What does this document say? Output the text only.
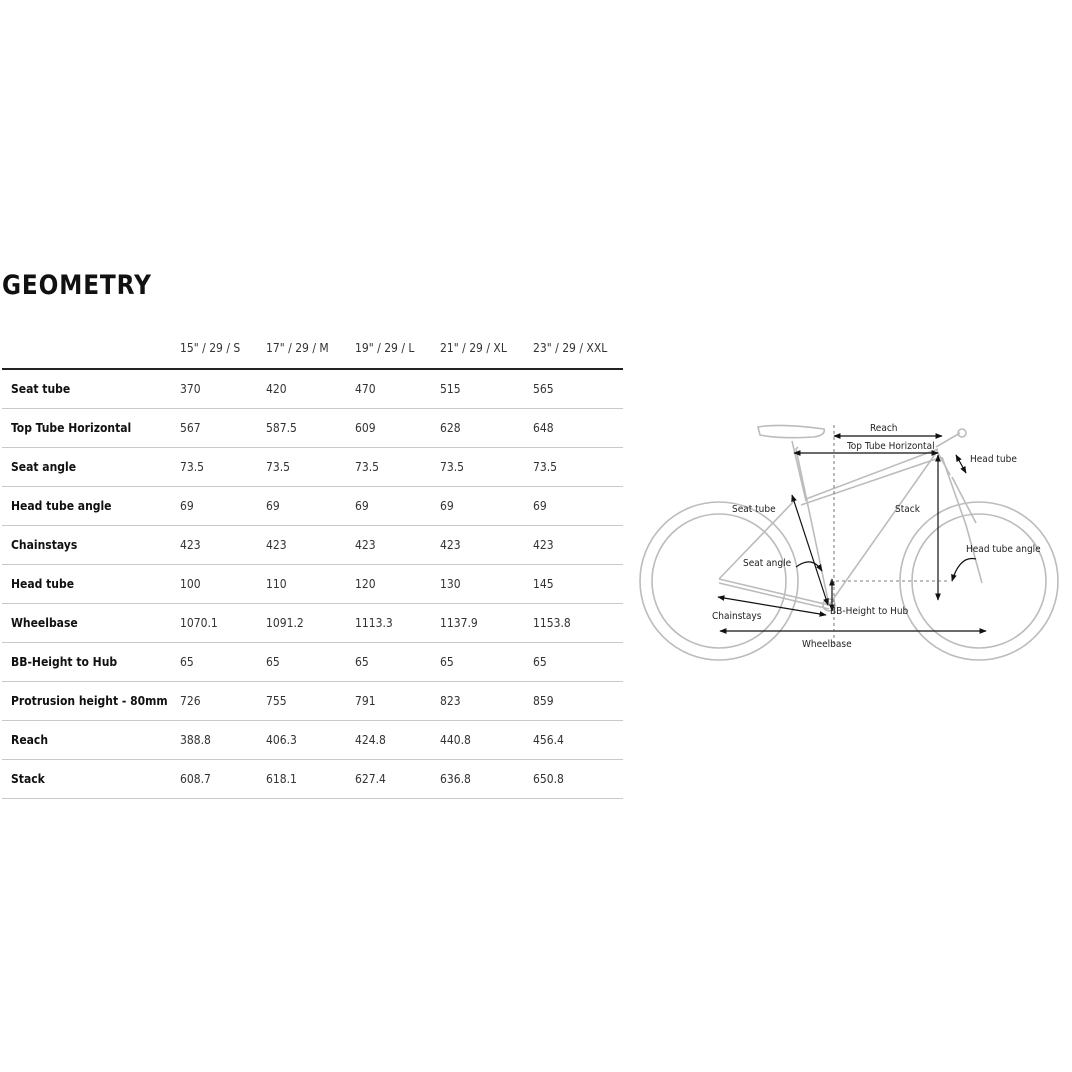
GEOMETRY
	15" / 29 / S	17" / 29 / M	19" / 29 / L	21" / 29 / XL	23" / 29 / XXL
Seat tube	370	420	470	515	565
Top Tube Horizontal	567	587.5	609	628	648
Seat angle	73.5	73.5	73.5	73.5	73.5
Head tube angle	69	69	69	69	69
Chainstays	423	423	423	423	423
Head tube	100	110	120	130	145
Wheelbase	1070.1	1091.2	1113.3	1137.9	1153.8
BB-Height to Hub	65	65	65	65	65
Protrusion height - 80mm	726	755	791	823	859
Reach	388.8	406.3	424.8	440.8	456.4
Stack	608.7	618.1	627.4	636.8	650.8
Reach
Top Tube Horizontal
Head tube
Seat tube	Stack
Seat angle
Head tube angle
Chainstays	BB-Height to Hub
Wheelbase
